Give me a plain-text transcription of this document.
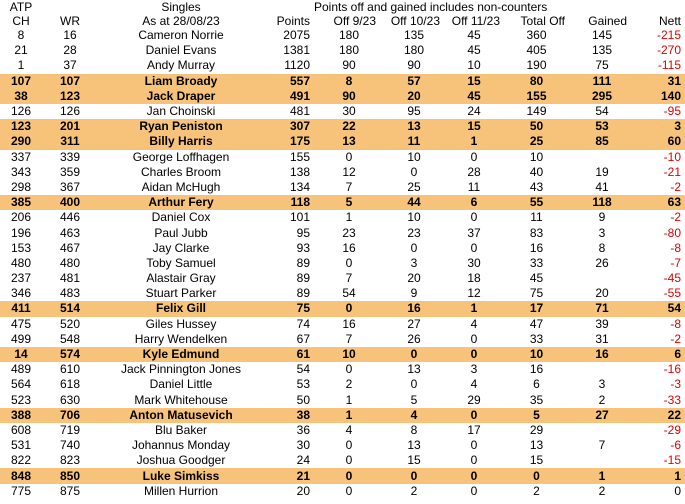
ATP		Singles		Points off and gained includes non-counters					
CH	WR	As at 28/08/23	Points	Off 9/23	Off 10/23	Off 11/23	Total Off	Gained	Nett
8	16	Cameron Norrie	2075	180	135	45	360	145	-215
21	28	Daniel Evans	1381	180	180	45	405	135	-270
1	37	Andy Murray	1120	90	90	10	190	75	-115
107	107	Liam Broady	557	8	57	15	80	111	31
38	123	Jack Draper	491	90	20	45	155	295	140
126	126	Jan Choinski	481	30	95	24	149	54	-95
123	201	Ryan Peniston	307	22	13	15	50	53	3
290	311	Billy Harris	175	13	11	1	25	85	60
337	339	George Loffhagen	155	0	10	0	10		-10
343	359	Charles Broom	138	12	0	28	40	19	-21
298	367	Aidan McHugh	134	7	25	11	43	41	-2
385	400	Arthur Fery	118	5	44	6	55	118	63
206	446	Daniel Cox	101	1	10	0	11	9	-2
196	463	Paul Jubb	95	23	23	37	83	3	-80
153	467	Jay Clarke	93	16	0	0	16	8	-8
480	480	Toby Samuel	89	0	3	30	33	26	-7
237	481	Alastair Gray	89	7	20	18	45		-45
346	483	Stuart Parker	89	54	9	12	75	20	-55
411	514	Felix Gill	75	0	16	1	17	71	54
475	520	Giles Hussey	74	16	27	4	47	39	-8
499	548	Harry Wendelken	67	7	26	0	33	31	-2
14	574	Kyle Edmund	61	10	0	0	10	16	6
489	610	Jack Pinnington Jones	54	0	13	3	16		-16
564	618	Daniel Little	53	2	0	4	6	3	-3
523	630	Mark Whitehouse	50	1	5	29	35	2	-33
388	706	Anton Matusevich	38	1	4	0	5	27	22
608	719	Blu Baker	36	4	8	17	29		-29
531	740	Johannus Monday	30	0	13	0	13	7	-6
822	823	Joshua Goodger	24	0	15	0	15		-15
848	850	Luke Simkiss	21	0	0	0	0	1	1
775	875	Millen Hurrion	20	0	2	0	2	2	0
